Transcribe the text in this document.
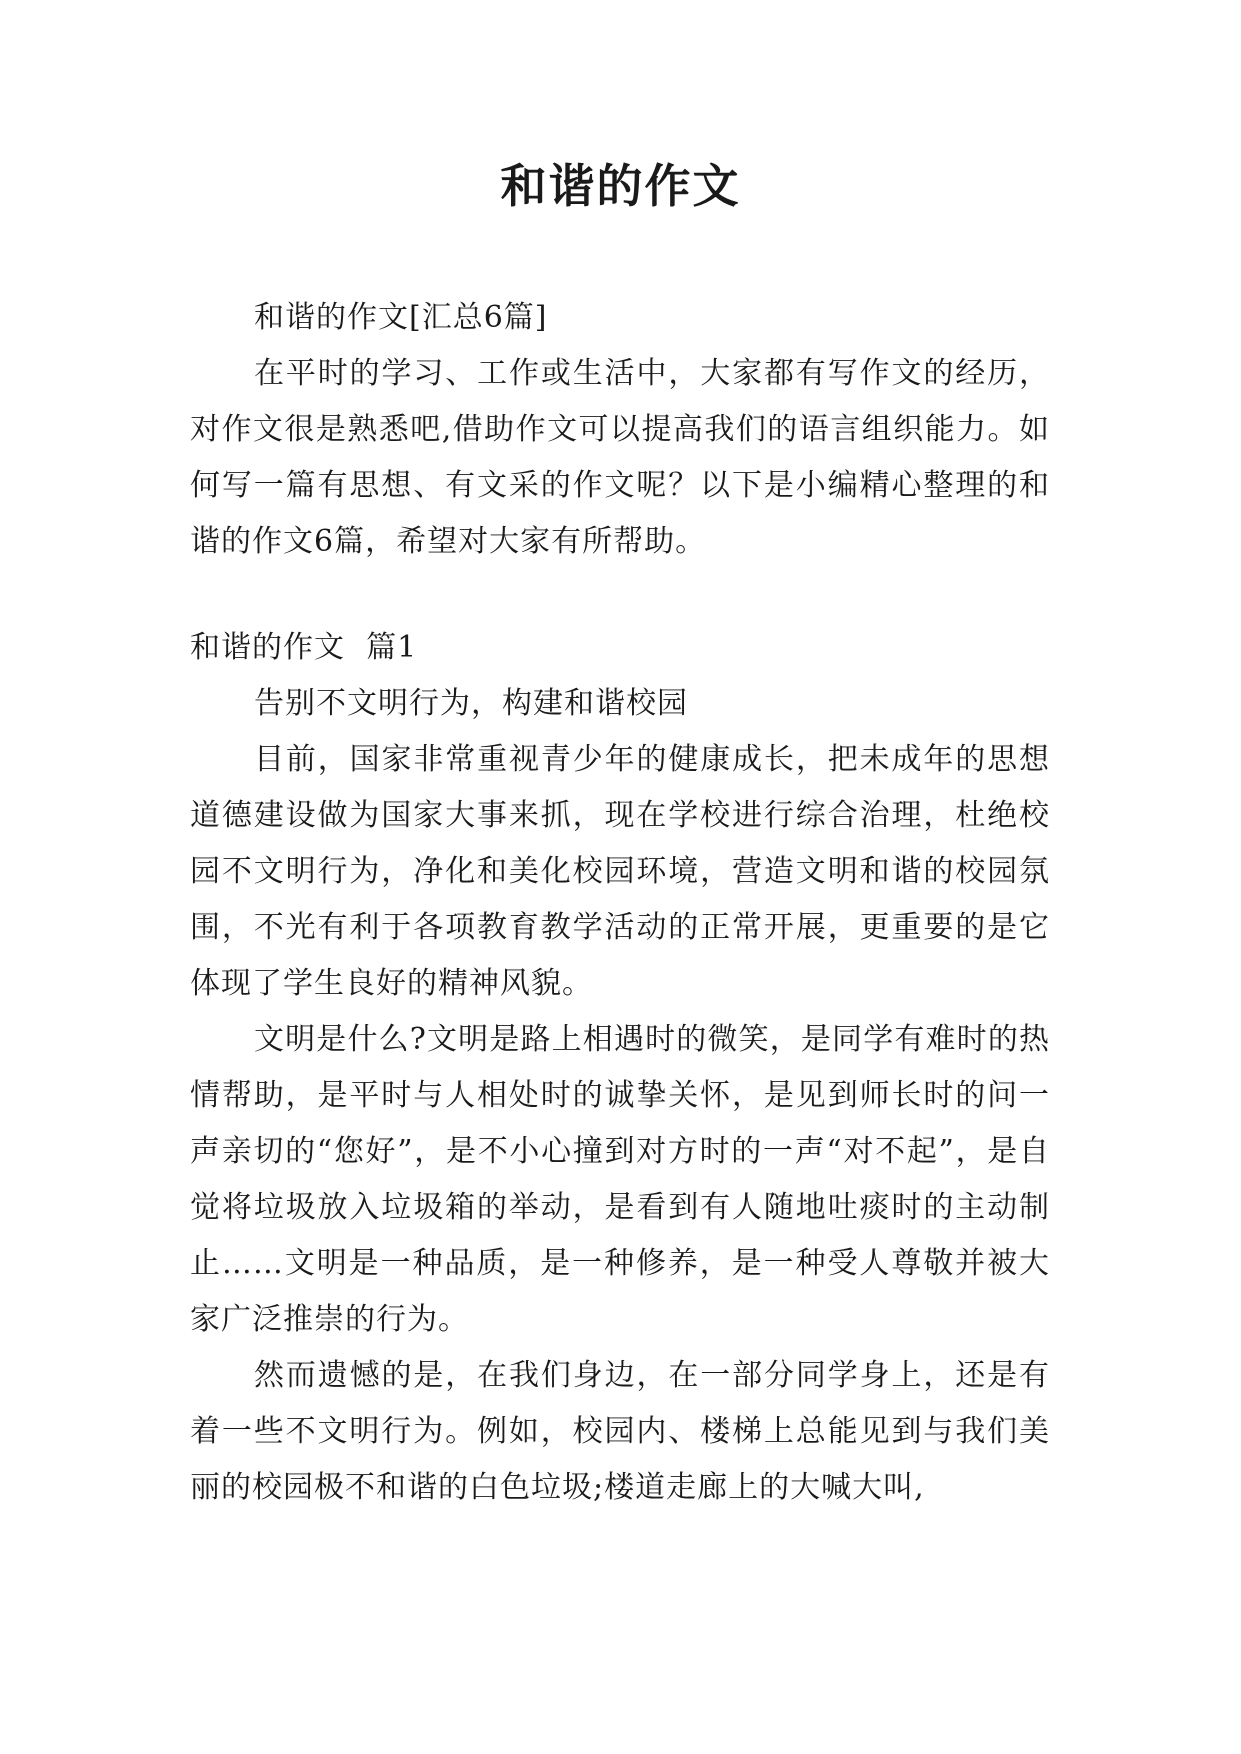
和谐的作文

和谐的作文[汇总6篇]

在平时的学习、工作或生活中，大家都有写作文的经历，对作文很是熟悉吧,借助作文可以提高我们的语言组织能力。如何写一篇有思想、有文采的作文呢？以下是小编精心整理的和谐的作文6篇，希望对大家有所帮助。

和谐的作文  篇1

告别不文明行为，构建和谐校园

目前，国家非常重视青少年的健康成长，把未成年的思想道德建设做为国家大事来抓，现在学校进行综合治理，杜绝校园不文明行为，净化和美化校园环境，营造文明和谐的校园氛围，不光有利于各项教育教学活动的正常开展，更重要的是它体现了学生良好的精神风貌。

文明是什么?文明是路上相遇时的微笑，是同学有难时的热情帮助，是平时与人相处时的诚挚关怀，是见到师长时的问一声亲切的“您好”，是不小心撞到对方时的一声“对不起”，是自觉将垃圾放入垃圾箱的举动，是看到有人随地吐痰时的主动制止……文明是一种品质，是一种修养，是一种受人尊敬并被大家广泛推崇的行为。

然而遗憾的是，在我们身边，在一部分同学身上，还是有着一些不文明行为。例如，校园内、楼梯上总能见到与我们美丽的校园极不和谐的白色垃圾;楼道走廊上的大喊大叫,
